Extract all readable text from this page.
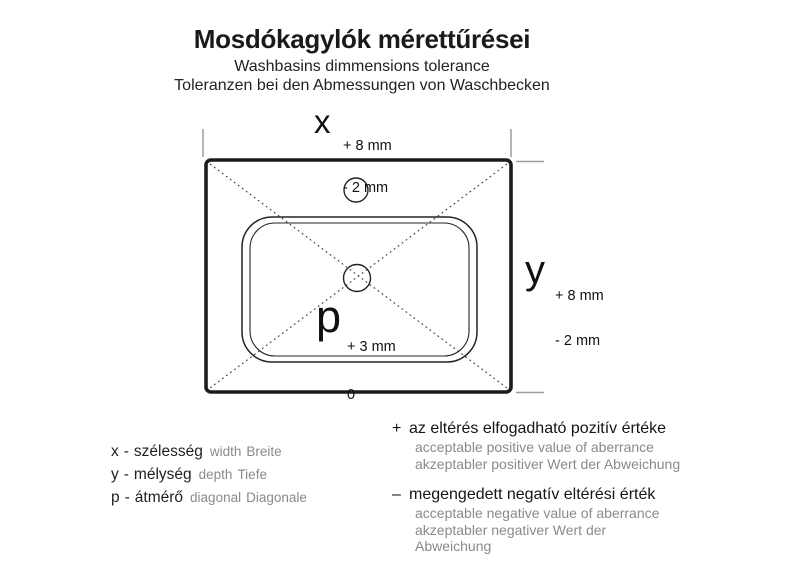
Mosdókagylók mérettűrései
Washbasins dimmensions tolerance
Toleranzen bei den Abmessungen von Waschbecken
x

+ 8 mm

- 2 mm

y

+ 8 mm

- 2 mm

p

+ 3 mm

0

x - szélesség width Breite
y - mélység depth Tiefe
p - átmérő diagonal Diagonale
+ az eltérés elfogadható pozitív értéke
acceptable positive value of aberrance
akzeptabler positiver Wert der Abweichung
– megengedett negatív eltérési érték
acceptable negative value of aberrance
akzeptabler negativer Wert der
Abweichung
